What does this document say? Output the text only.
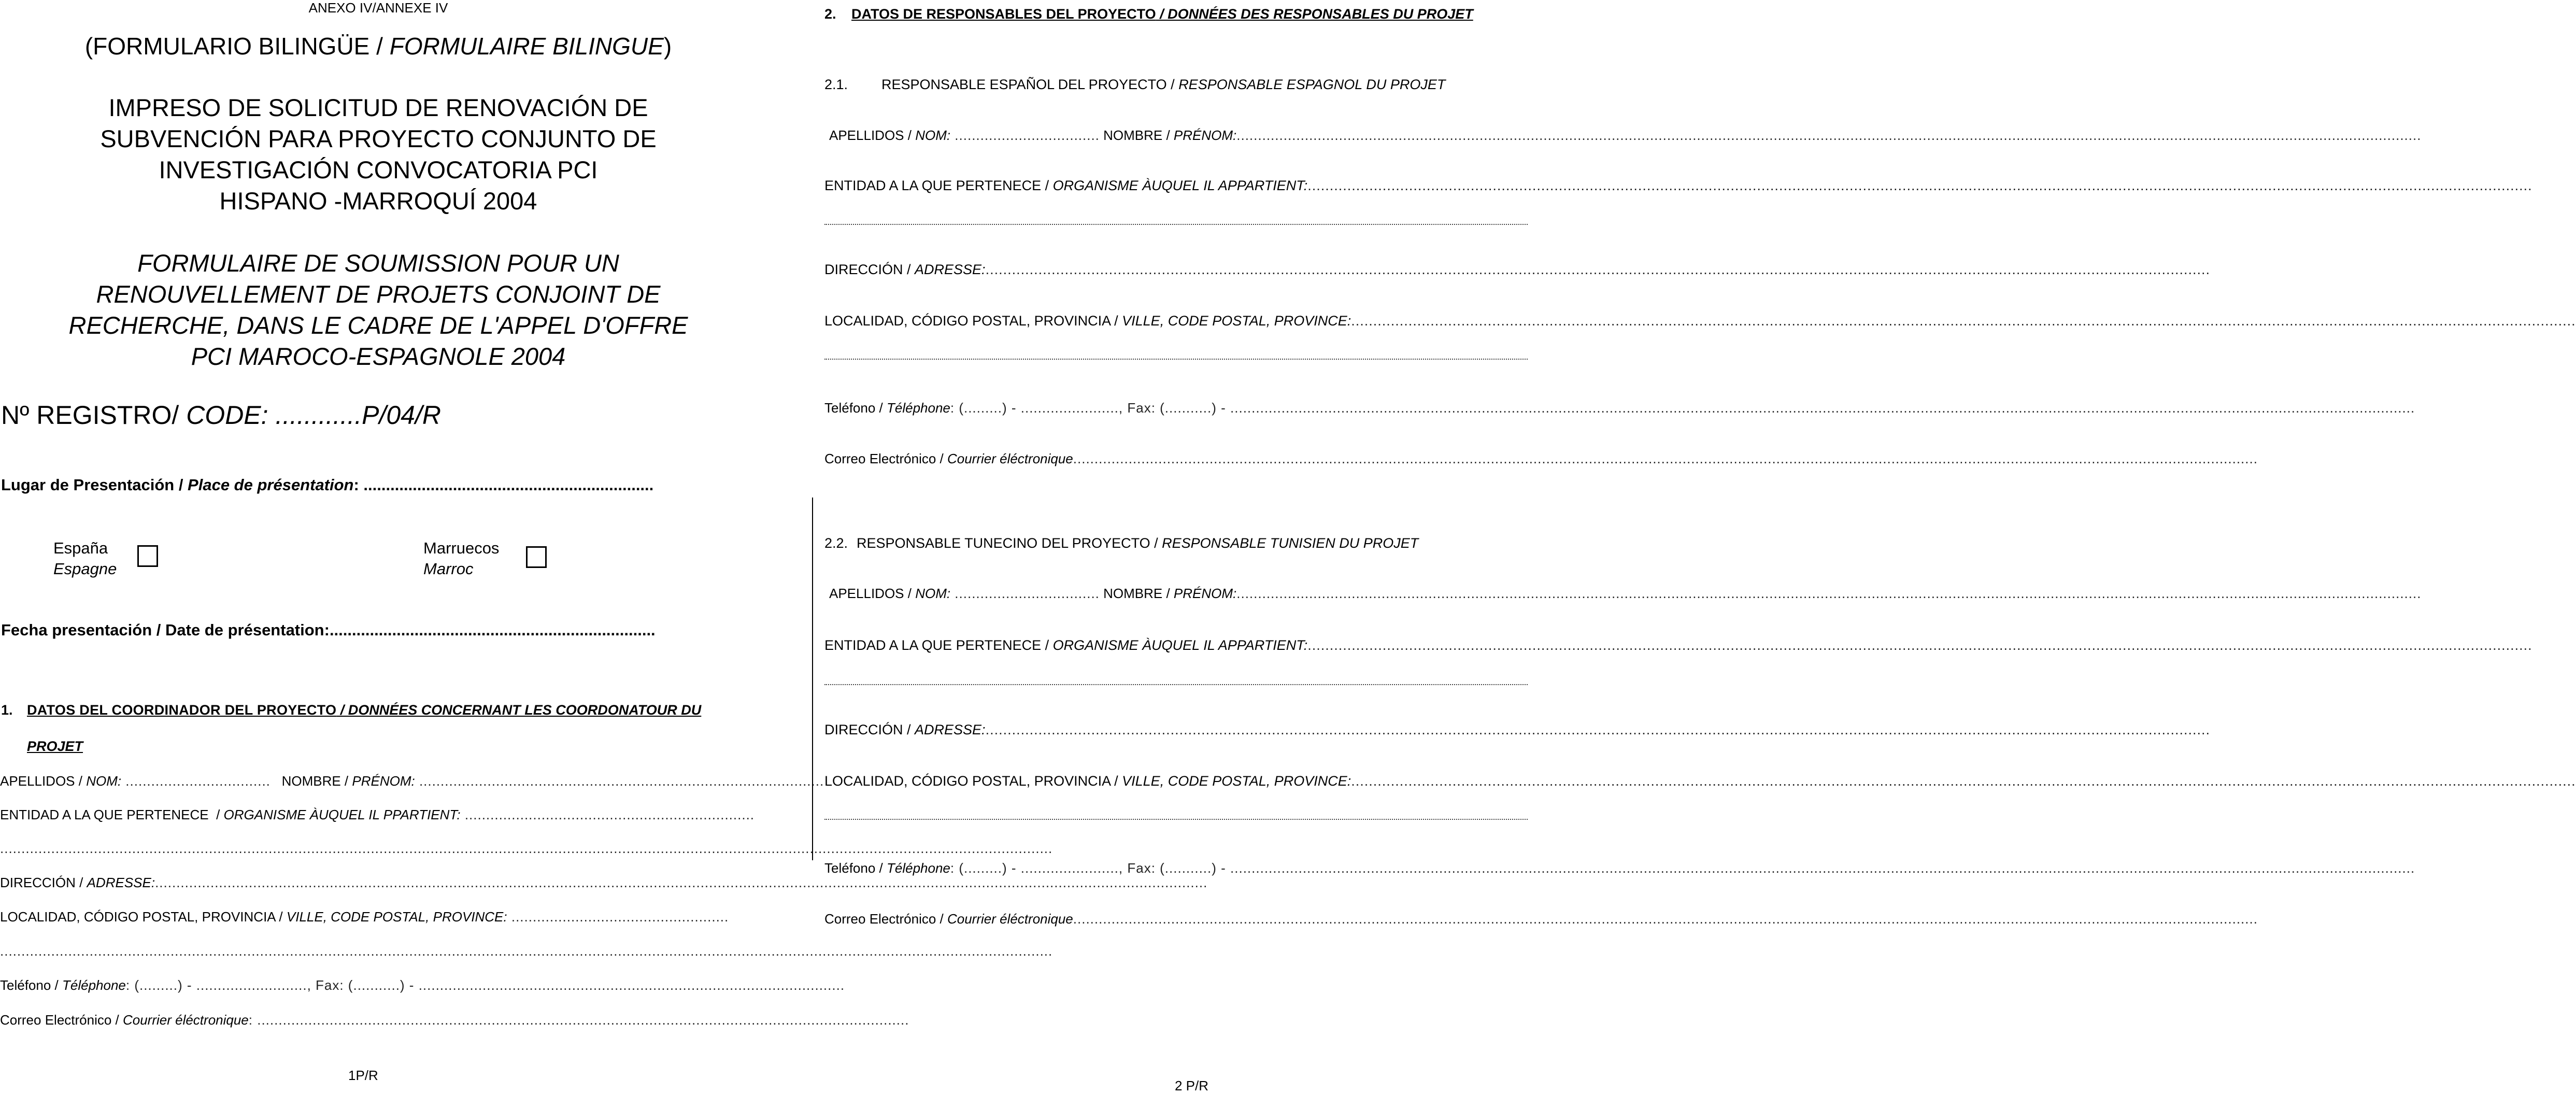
ANEXO IV/ANNEXE IV
(FORMULARIO BILINGÜE / FORMULAIRE BILINGUE)
IMPRESO DE SOLICITUD DE RENOVACIÓN DE
SUBVENCIÓN PARA PROYECTO CONJUNTO DE
INVESTIGACIÓN CONVOCATORIA PCI
HISPANO -MARROQUÍ 2004
FORMULAIRE DE SOUMISSION POUR UN
RENOUVELLEMENT DE PROJETS CONJOINT DE
RECHERCHE, DANS LE CADRE DE L'APPEL D'OFFRE
PCI MAROCO-ESPAGNOLE 2004
Nº REGISTRO/ CODE: ............P/04/R
Lugar de Presentación / Place de présentation: .................................................................
España
Espagne
Marruecos
Marroc
Fecha presentación / Date de présentation:.........................................................................
1. DATOS DEL COORDINADOR DEL PROYECTO / DONNÉES CONCERNANT LES COORDONATOUR DU
PROJET
APELLIDOS / NOM: ..................................   NOMBRE / PRÉNOM: ...............................................................................................
ENTIDAD A LA QUE PERTENECE  / ORGANISME ÀUQUEL IL PPARTIENT: ....................................................................
.......................................................................................................................................................................................................................................................
DIRECCIÓN / ADRESSE:.......................................................................................................................................................................................................................................................
LOCALIDAD, CÓDIGO POSTAL, PROVINCIA / VILLE, CODE POSTAL, PROVINCE: ...................................................
.......................................................................................................................................................................................................................................................
Teléfono / Téléphone: (.........) - .........................., Fax: (...........) - ....................................................................................................
Correo Electrónico / Courrier éléctronique: .........................................................................................................................................................
1P/R
2. DATOS DE RESPONSABLES DEL PROYECTO / DONNÉES DES RESPONSABLES DU PROJET
2.1. RESPONSABLE ESPAÑOL DEL PROYECTO / RESPONSABLE ESPAGNOL DU PROJET
APELLIDOS / NOM: .................................. NOMBRE / PRÉNOM:......................................................................................................................................................................................................................................................................................
ENTIDAD A LA QUE PERTENECE / ORGANISME ÀUQUEL IL APPARTIENT:......................................................................................................................................................................................................................................................................................
DIRECCIÓN / ADRESSE:......................................................................................................................................................................................................................................................................................
LOCALIDAD, CÓDIGO POSTAL, PROVINCIA / VILLE, CODE POSTAL, PROVINCE:......................................................................................................................................................................................................................................................................................
Teléfono / Téléphone: (.........) - ......................., Fax: (...........) - ......................................................................................................................................................................................................................................................................................
Correo Electrónico / Courrier éléctronique......................................................................................................................................................................................................................................................................................
2.2. RESPONSABLE TUNECINO DEL PROYECTO / RESPONSABLE TUNISIEN DU PROJET
APELLIDOS / NOM: .................................. NOMBRE / PRÉNOM:......................................................................................................................................................................................................................................................................................
ENTIDAD A LA QUE PERTENECE / ORGANISME ÀUQUEL IL APPARTIENT:......................................................................................................................................................................................................................................................................................
DIRECCIÓN / ADRESSE:......................................................................................................................................................................................................................................................................................
LOCALIDAD, CÓDIGO POSTAL, PROVINCIA / VILLE, CODE POSTAL, PROVINCE:......................................................................................................................................................................................................................................................................................
Teléfono / Téléphone: (.........) - ......................., Fax: (...........) - ......................................................................................................................................................................................................................................................................................
Correo Electrónico / Courrier éléctronique......................................................................................................................................................................................................................................................................................
2 P/R
